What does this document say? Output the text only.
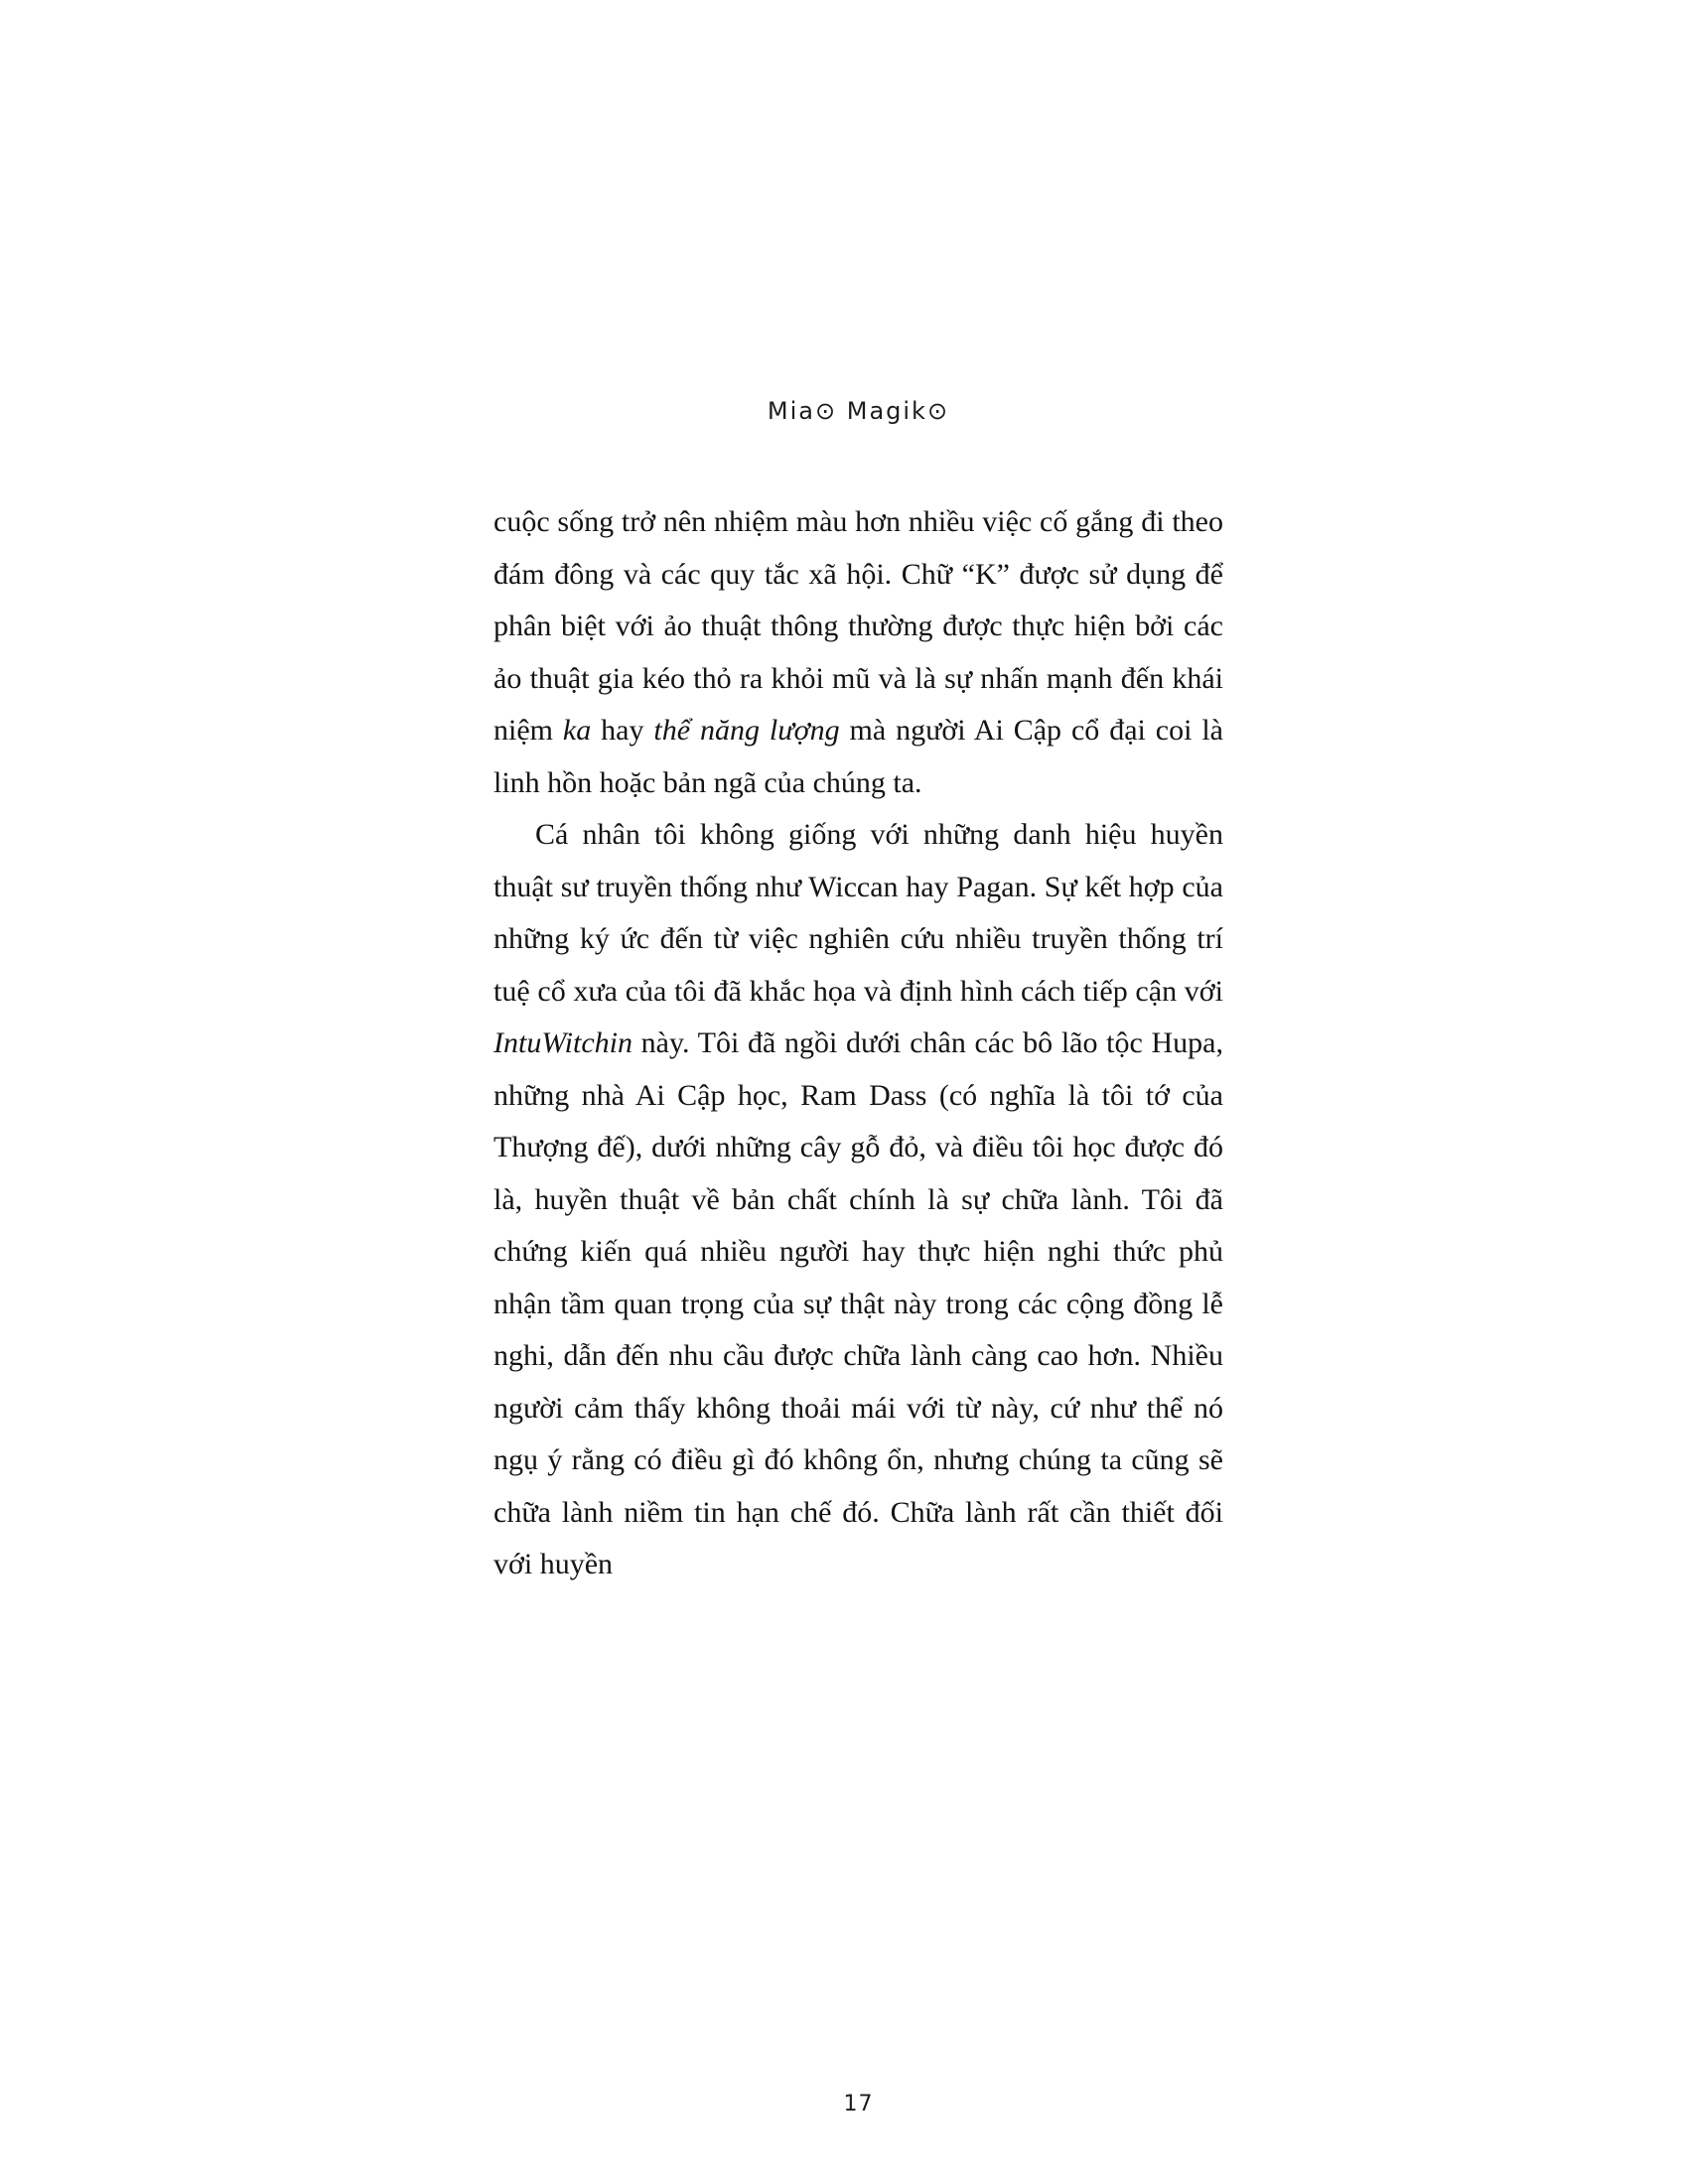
Mia⊙ Magik⊙

cuộc sống trở nên nhiệm màu hơn nhiều việc cố gắng đi theo đám đông và các quy tắc xã hội. Chữ “K” được sử dụng để phân biệt với ảo thuật thông thường được thực hiện bởi các ảo thuật gia kéo thỏ ra khỏi mũ và là sự nhấn mạnh đến khái niệm ka hay thể năng lượng mà người Ai Cập cổ đại coi là linh hồn hoặc bản ngã của chúng ta.

Cá nhân tôi không giống với những danh hiệu huyền thuật sư truyền thống như Wiccan hay Pagan. Sự kết hợp của những ký ức đến từ việc nghiên cứu nhiều truyền thống trí tuệ cổ xưa của tôi đã khắc họa và định hình cách tiếp cận với IntuWitchin này. Tôi đã ngồi dưới chân các bô lão tộc Hupa, những nhà Ai Cập học, Ram Dass (có nghĩa là tôi tớ của Thượng đế), dưới những cây gỗ đỏ, và điều tôi học được đó là, huyền thuật về bản chất chính là sự chữa lành. Tôi đã chứng kiến quá nhiều người hay thực hiện nghi thức phủ nhận tầm quan trọng của sự thật này trong các cộng đồng lễ nghi, dẫn đến nhu cầu được chữa lành càng cao hơn. Nhiều người cảm thấy không thoải mái với từ này, cứ như thể nó ngụ ý rằng có điều gì đó không ổn, nhưng chúng ta cũng sẽ chữa lành niềm tin hạn chế đó. Chữa lành rất cần thiết đối với huyền

17
